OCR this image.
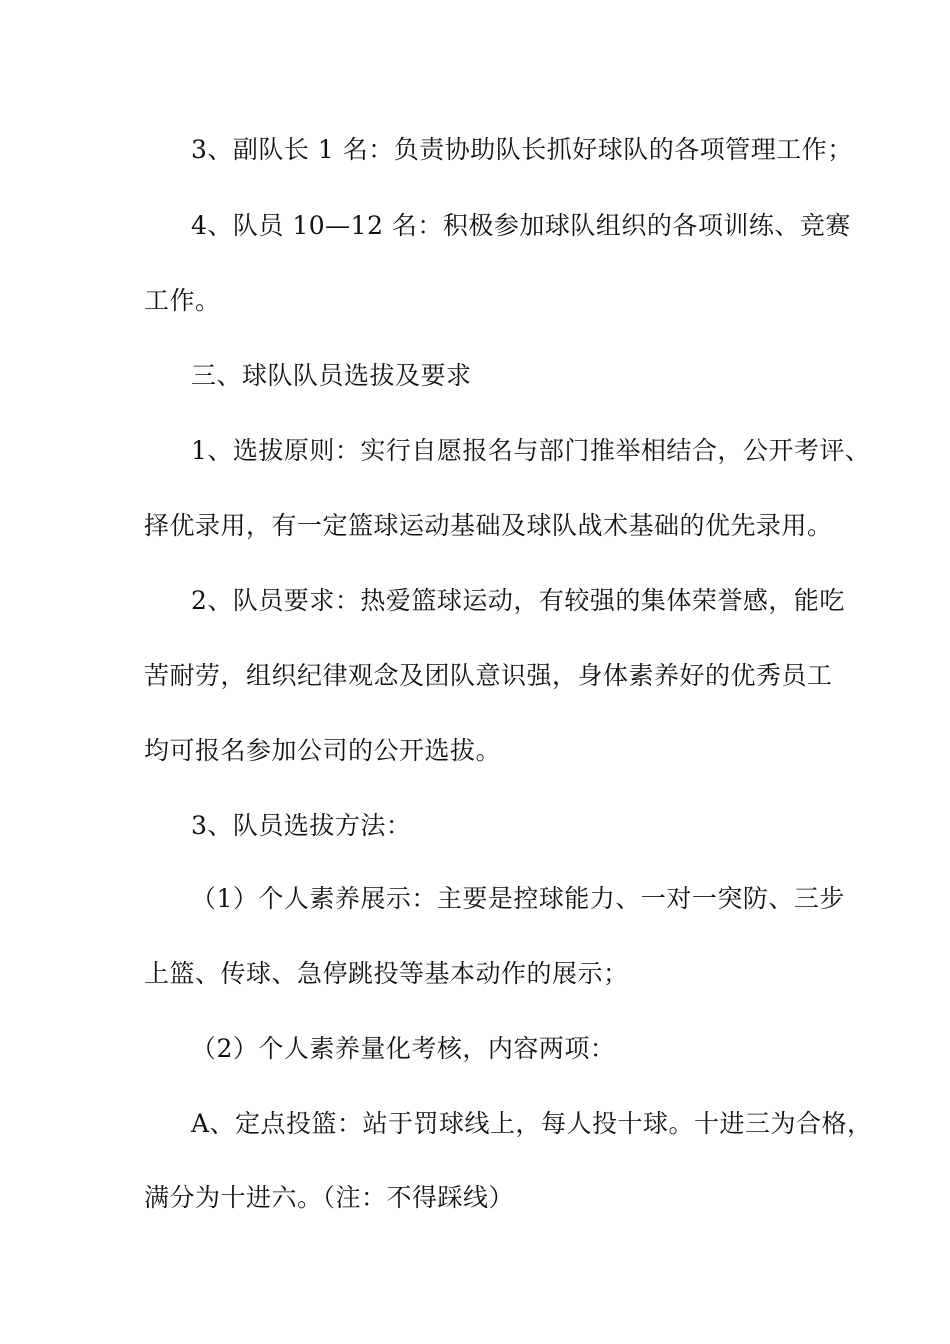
3、副队长 1 名：负责协助队长抓好球队的各项管理工作；
4、队员 10—12 名：积极参加球队组织的各项训练、竞赛
工作。
三、球队队员选拔及要求
1、选拔原则：实行自愿报名与部门推举相结合，公开考评、
择优录用，有一定篮球运动基础及球队战术基础的优先录用。
2、队员要求：热爱篮球运动，有较强的集体荣誉感，能吃
苦耐劳，组织纪律观念及团队意识强，身体素养好的优秀员工
均可报名参加公司的公开选拔。
3、队员选拔方法：
（1）个人素养展示：主要是控球能力、一对一突防、三步
上篮、传球、急停跳投等基本动作的展示；
（2）个人素养量化考核，内容两项：
A、定点投篮：站于罚球线上，每人投十球。十进三为合格，
满分为十进六。（注：不得踩线）
